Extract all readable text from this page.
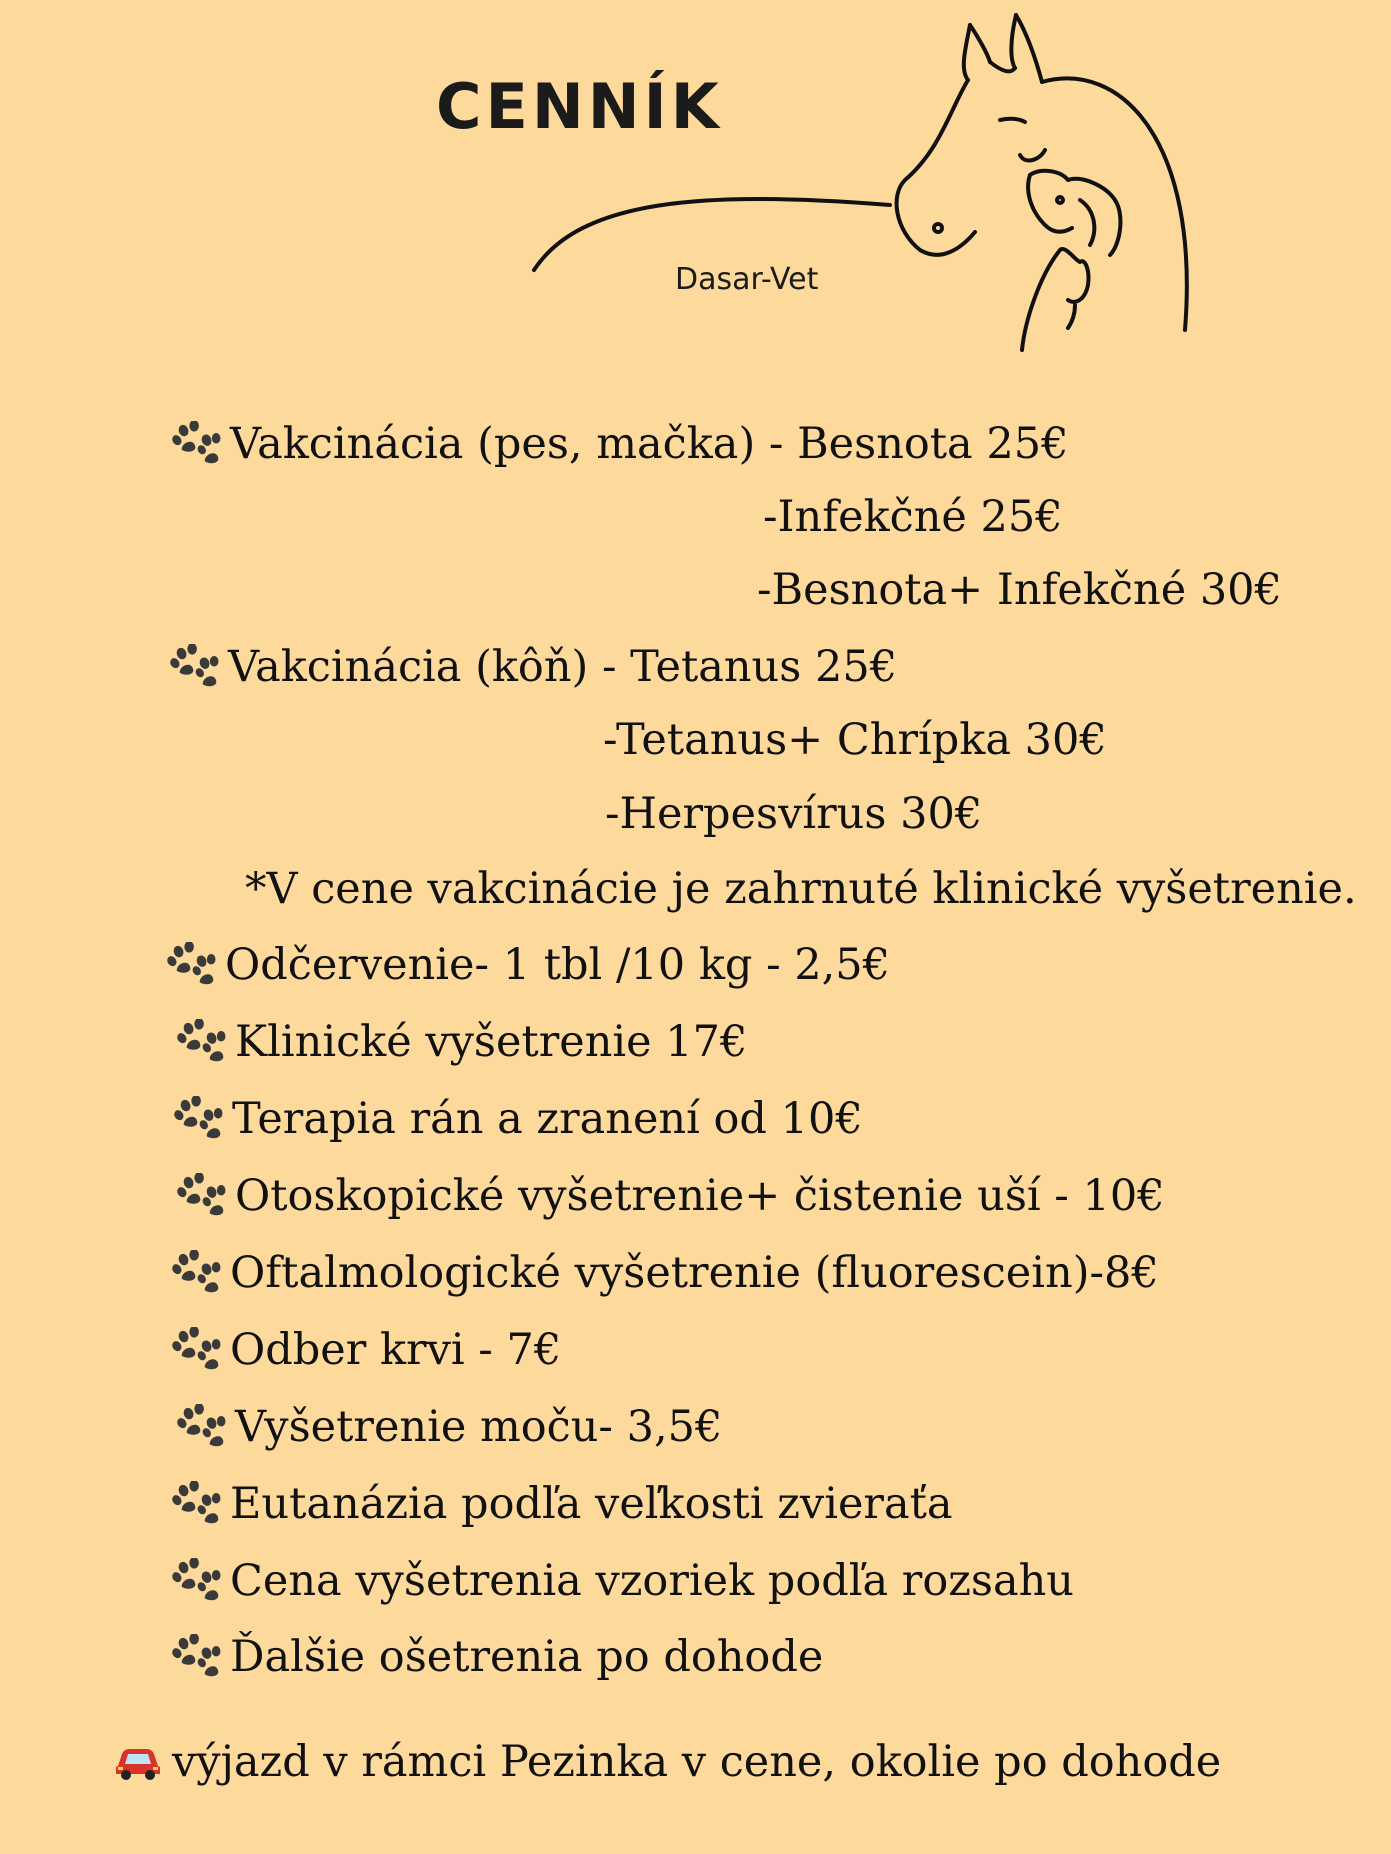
CENNÍK
Dasar-Vet
Vakcinácia (pes, mačka) - Besnota 25€
-Infekčné 25€
-Besnota+ Infekčné 30€
Vakcinácia (kôň) - Tetanus 25€
-Tetanus+ Chrípka 30€
-Herpesvírus 30€
*V cene vakcinácie je zahrnuté klinické vyšetrenie.
Odčervenie- 1 tbl /10 kg - 2,5€
Klinické vyšetrenie 17€
Terapia rán a zranení od 10€
Otoskopické vyšetrenie+ čistenie uší - 10€
Oftalmologické vyšetrenie (fluorescein)-8€
Odber krvi - 7€
Vyšetrenie moču- 3,5€
Eutanázia podľa veľkosti zvieraťa
Cena vyšetrenia vzoriek podľa rozsahu
Ďalšie ošetrenia po dohode
výjazd v rámci Pezinka v cene, okolie po dohode
